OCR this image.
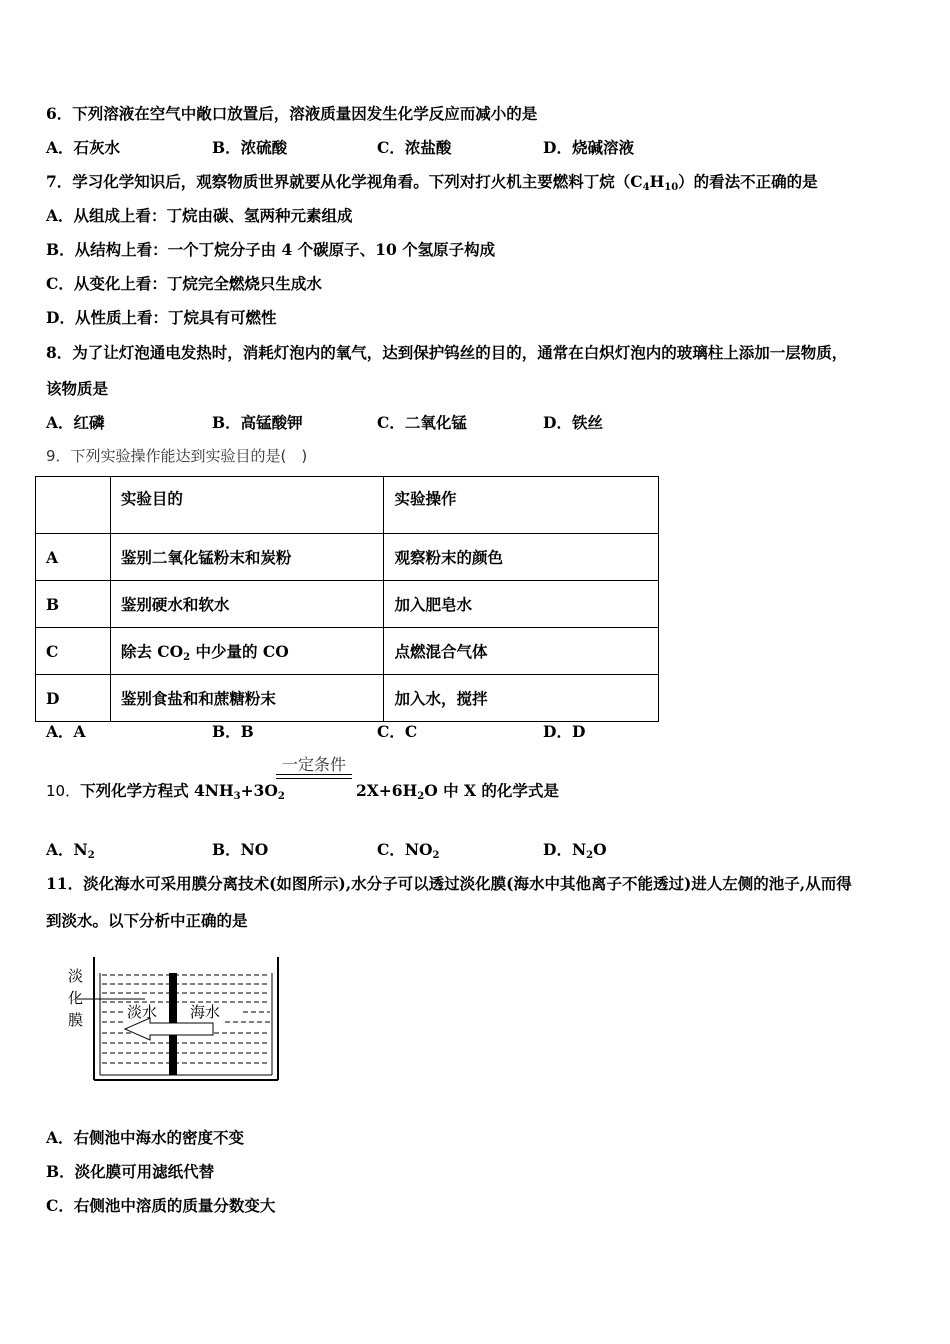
6．下列溶液在空气中敞口放置后，溶液质量因发生化学反应而减小的是
A．石灰水	B．浓硫酸	C．浓盐酸	D．烧碱溶液
7．学习化学知识后，观察物质世界就要从化学视角看。下列对打火机主要燃料丁烷$(C_4H_{10})$的看法不正确的是
A．从组成上看：丁烷由碳、氢两种元素组成
B．从结构上看：一个丁烷分子由 4 个碳原子、10 个氢原子构成
C．从变化上看：丁烷完全燃烧只生成水
D．从性质上看：丁烷具有可燃性
8．为了让灯泡通电发热时，消耗灯泡内的氧气，达到保护钨丝的目的，通常在白炽灯泡内的玻璃柱上添加一层物质，
该物质是
A．红磷	B．高锰酸钾	C．二氧化锰	D．铁丝
9．下列实验操作能达到实验目的是(　)
	实验目的	实验操作
A	鉴别二氧化锰粉末和炭粉	观察粉末的颜色
B	鉴别硬水和软水	加入肥皂水
C	除去 $CO_2$ 中少量的 CO	点燃混合气体
D	鉴别食盐和和蔗糖粉末	加入水，搅拌
A．A	B．B	C．C	D．D
一定条件
10．下列化学方程式 $4NH_3+3O_2$	$2X+6H_2O$ 中 X 的化学式是
A．$N_2$	B．NO	C．$NO_2$	D．$N_2O$
11．淡化海水可采用膜分离技术(如图所示),水分子可以透过淡化膜(海水中其他离子不能透过)进人左侧的池子,从而得
到淡水。以下分析中正确的是
淡
化
膜	淡水 海水
A．右侧池中海水的密度不变
B．淡化膜可用滤纸代替
C．右侧池中溶质的质量分数变大
